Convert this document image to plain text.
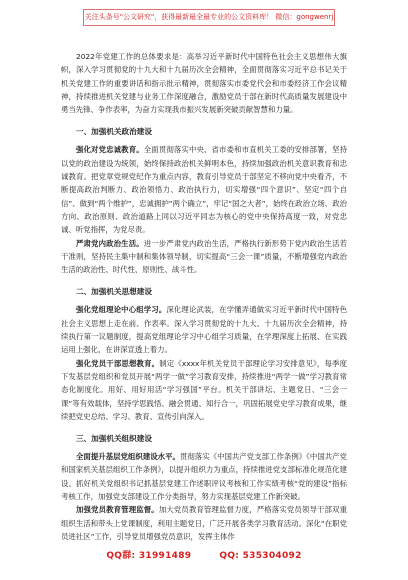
关注头条号"公文研究"，获得最新最全最专业的公文资料库！ 微信：gongwenrj

2022年党建工作的总体要求是：高举习近平新时代中国特色社会主义思想伟大旗帜，深入学习贯彻党的十九大和十九届历次全会精神，全面贯彻落实习近平总书记关于机关党建工作的重要讲话和指示批示精神，贯彻落实市委党代会和市委经济工作会议精神，持续推进机关党建与业务工作深度融合，激励党员干部在新时代高质量发展建设中勇当先锋、争作表率，为奋力实现我市振兴发展新突破贡献智慧和力量。

一、加强机关政治建设

强化对党忠诚教育。全面贯彻落实中央、省市委和市直机关工委的安排部署，坚持以党的政治建设为统领，始终保持政治机关鲜明本色，持续加强政治机关意识教育和忠诚教育。把党章党规党纪作为重点内容，教育引导党员干部坚定不移向党中央看齐，不断提高政治判断力、政治领悟力、政治执行力，切实增强“四个意识”、坚定“四个自信”、做到“两个维护”，忠诚拥护“两个确立”，牢记“国之大者”，始终在政治立场、政治方向、政治原则、政治道路上同以习近平同志为核心的党中央保持高度一致，对党忠诚、听党指挥，为党尽责。

严肃党内政治生活。进一步严肃党内政治生活，严格执行新形势下党内政治生活若干准则，坚持民主集中制和集体领导制，切实提高“三会一课”质量，不断增强党内政治生活的政治性、时代性、原则性、战斗性。

二、加强机关思想建设

强化党组理论中心组学习。深化理论武装，在学懂弄通做实习近平新时代中国特色社会主义思想上走在前、作表率。深入学习贯彻党的十九大、十九届历次全会精神，持续执行第一议题制度，提高党组理论学习中心组学习质量，在学理深度上拓展、在实践运用上强化，在讲深宣透上着力。

强化党员干部思想教育。制定《xxxx年机关党员干部理论学习安排意见》，每季度下发基层党组织和党员开展“两学一做”学习教育安排，持续推进“两学一做”学习教育常态化制度化。用好、用好用活“学习强国”平台。机关干部讲坛、主题党日、“三会一课”等有效载体，坚持学思践悟、融会贯通、知行合一，巩固拓展党史学习教育成果，继续把党史总结、学习、教育、宣传引向深入。

三、加强机关组织建设

全面提升基层党组织建设水平。贯彻落实《中国共产党支部工作条例》《中国共产党和国家机关基层组织工作条例》，以提升组织力为重点，持续推进党支部标准化规范化建设。抓好机关党组织书记抓基层党建工作述职评议考核和工作实绩考核“党的建设”指标考核工作，加强党支部建设工作分类指导，努力实现基层党建工作新突破。

加强党员教育管理监督。加大党员教育管理监督力度，严格落实党员领导干部双重组织生活和带头上党课制度，利用主题党日，广泛开展各类学习教育活动。深化“在职党员进社区”工作，引导党员增强党员意识，发挥主体作

QQ群: 31991489	QQ: 535304092
